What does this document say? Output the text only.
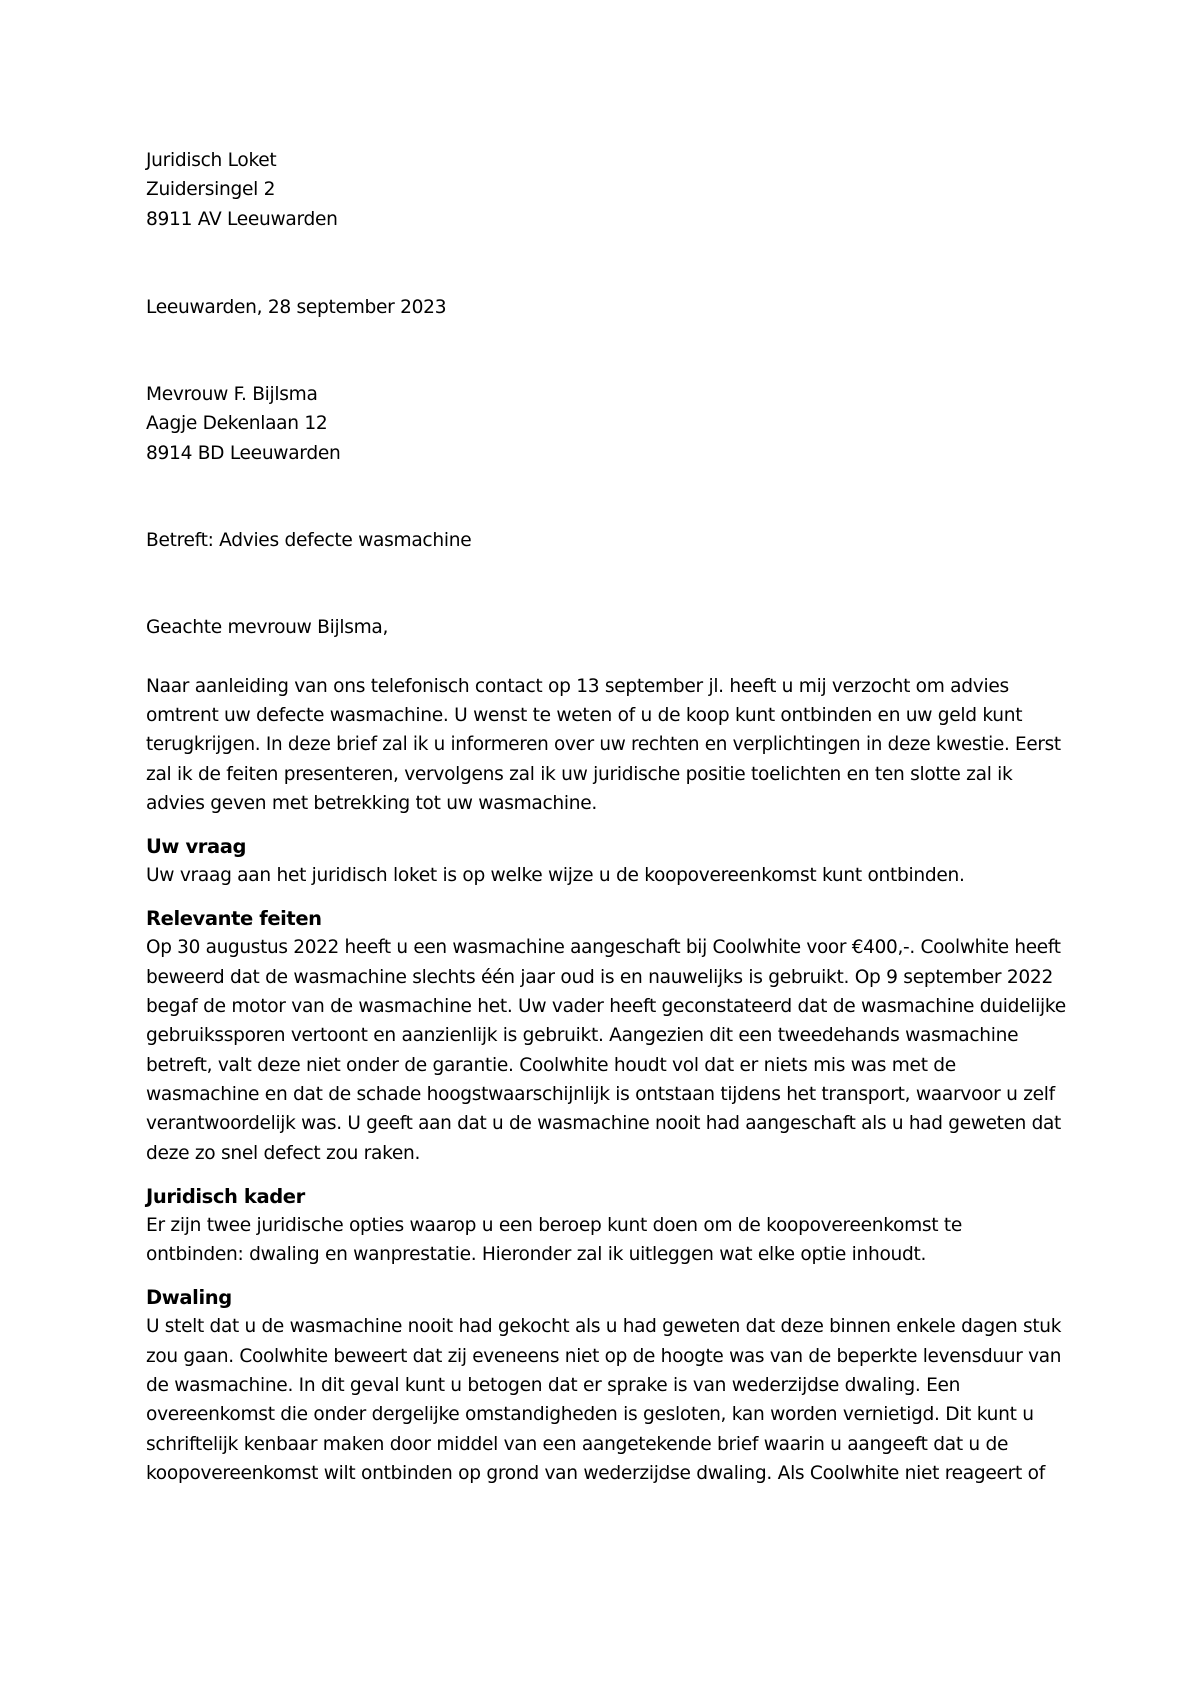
Juridisch Loket
Zuidersingel 2
8911 AV Leeuwarden
Leeuwarden, 28 september 2023
Mevrouw F. Bijlsma
Aagje Dekenlaan 12
8914 BD Leeuwarden
Betreft: Advies defecte wasmachine
Geachte mevrouw Bijlsma,
Naar aanleiding van ons telefonisch contact op 13 september jl. heeft u mij verzocht om advies
omtrent uw defecte wasmachine. U wenst te weten of u de koop kunt ontbinden en uw geld kunt
terugkrijgen. In deze brief zal ik u informeren over uw rechten en verplichtingen in deze kwestie. Eerst
zal ik de feiten presenteren, vervolgens zal ik uw juridische positie toelichten en ten slotte zal ik
advies geven met betrekking tot uw wasmachine.
Uw vraag
Uw vraag aan het juridisch loket is op welke wijze u de koopovereenkomst kunt ontbinden.
Relevante feiten
Op 30 augustus 2022 heeft u een wasmachine aangeschaft bij Coolwhite voor €400,-. Coolwhite heeft
beweerd dat de wasmachine slechts één jaar oud is en nauwelijks is gebruikt. Op 9 september 2022
begaf de motor van de wasmachine het. Uw vader heeft geconstateerd dat de wasmachine duidelijke
gebruikssporen vertoont en aanzienlijk is gebruikt. Aangezien dit een tweedehands wasmachine
betreft, valt deze niet onder de garantie. Coolwhite houdt vol dat er niets mis was met de
wasmachine en dat de schade hoogstwaarschijnlijk is ontstaan tijdens het transport, waarvoor u zelf
verantwoordelijk was. U geeft aan dat u de wasmachine nooit had aangeschaft als u had geweten dat
deze zo snel defect zou raken.
Juridisch kader
Er zijn twee juridische opties waarop u een beroep kunt doen om de koopovereenkomst te
ontbinden: dwaling en wanprestatie. Hieronder zal ik uitleggen wat elke optie inhoudt.
Dwaling
U stelt dat u de wasmachine nooit had gekocht als u had geweten dat deze binnen enkele dagen stuk
zou gaan. Coolwhite beweert dat zij eveneens niet op de hoogte was van de beperkte levensduur van
de wasmachine. In dit geval kunt u betogen dat er sprake is van wederzijdse dwaling. Een
overeenkomst die onder dergelijke omstandigheden is gesloten, kan worden vernietigd. Dit kunt u
schriftelijk kenbaar maken door middel van een aangetekende brief waarin u aangeeft dat u de
koopovereenkomst wilt ontbinden op grond van wederzijdse dwaling. Als Coolwhite niet reageert of
